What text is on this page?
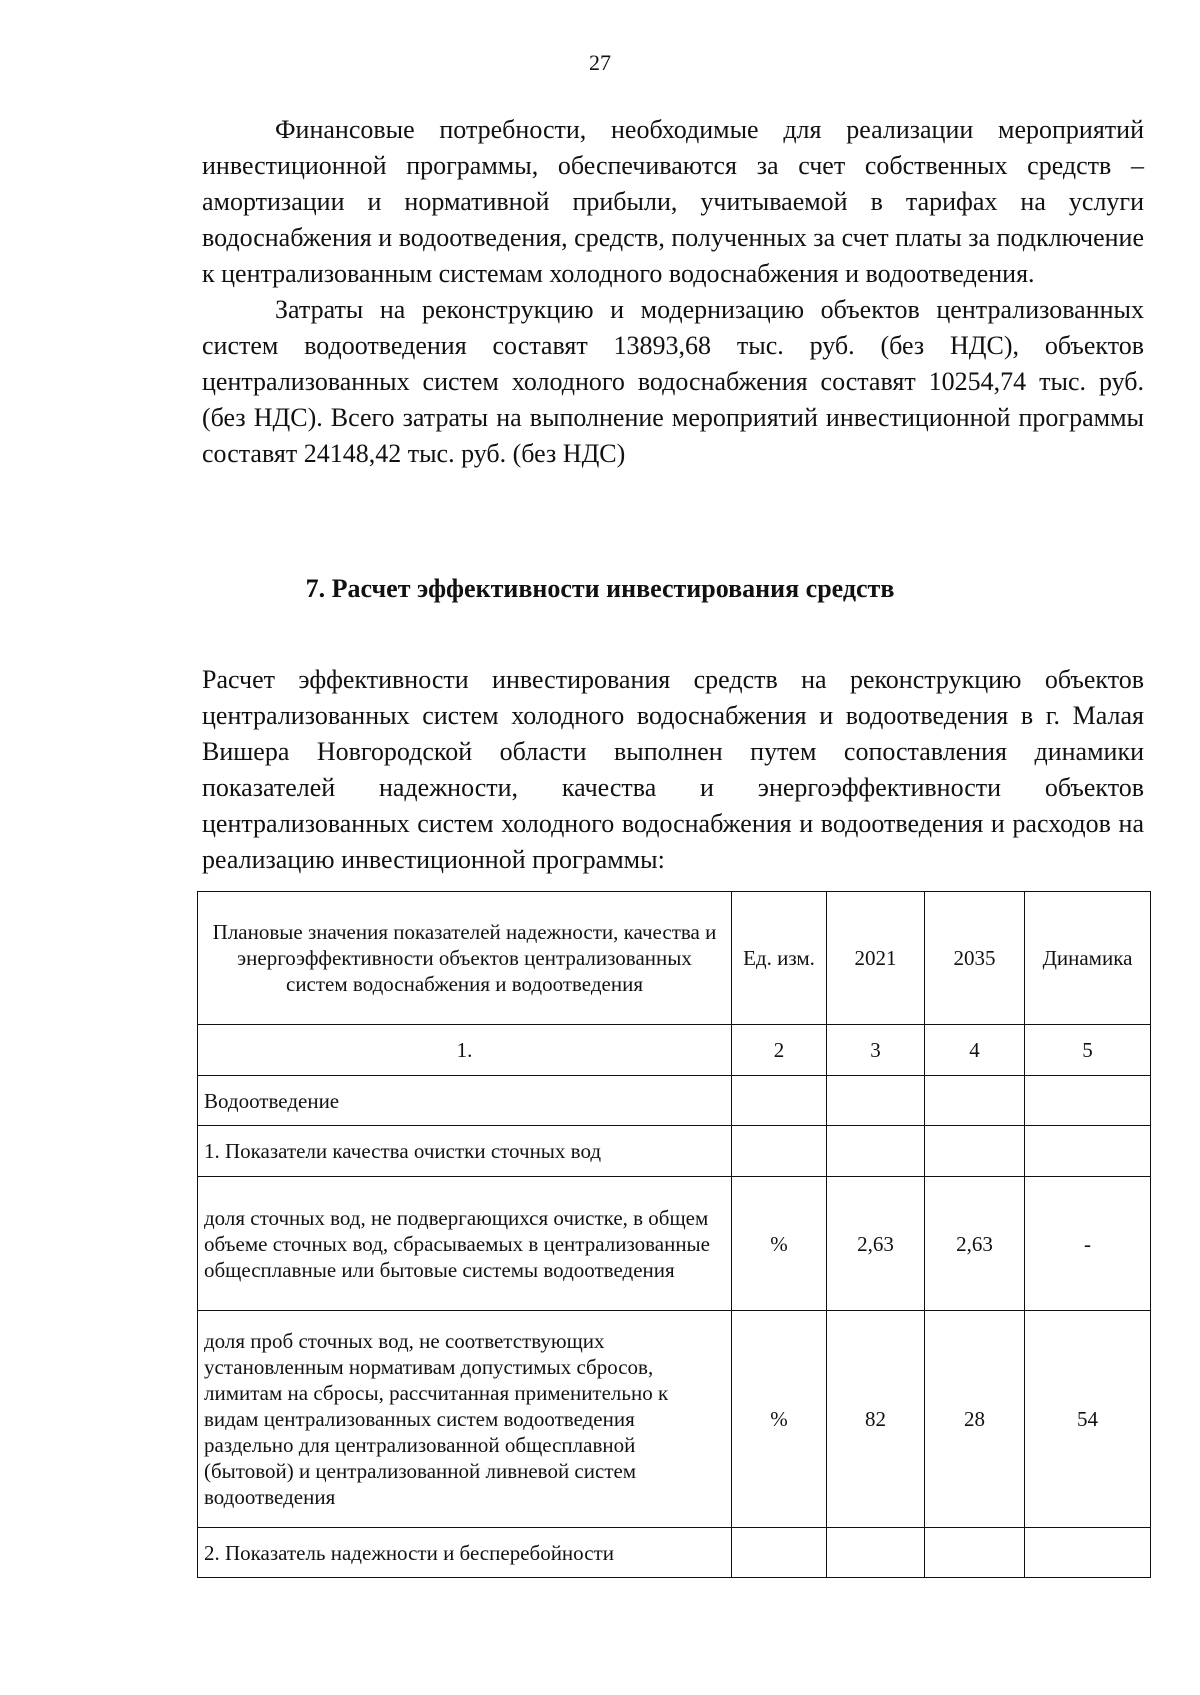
27

Финансовые потребности, необходимые для реализации мероприятий инвестиционной программы, обеспечиваются за счет собственных средств – амортизации и нормативной прибыли, учитываемой в тарифах на услуги водоснабжения и водоотведения, средств, полученных за счет платы за подключение к централизованным системам холодного водоснабжения и водоотведения.

Затраты на реконструкцию и модернизацию объектов централизованных систем водоотведения составят 13893,68 тыс. руб. (без НДС), объектов централизованных систем холодного водоснабжения составят 10254,74 тыс. руб. (без НДС). Всего затраты на выполнение мероприятий инвестиционной программы составят 24148,42 тыс. руб. (без НДС)

7. Расчет эффективности инвестирования средств

Расчет эффективности инвестирования средств на реконструкцию объектов централизованных систем холодного водоснабжения и водоотведения в г. Малая Вишера Новгородской области выполнен путем сопоставления динамики показателей надежности, качества и энергоэффективности объектов централизованных систем холодного водоснабжения и водоотведения и расходов на реализацию инвестиционной программы:

Плановые значения показателей надежности, качества и энергоэффективности объектов централизованных систем водоснабжения и водоотведения	Ед. изм.	2021	2035	Динамика
1.	2	3	4	5
Водоотведение				
1. Показатели качества очистки сточных вод				
доля сточных вод, не подвергающихся очистке, в общем объеме сточных вод, сбрасываемых в централизованные общесплавные или бытовые системы водоотведения	%	2,63	2,63	-
доля проб сточных вод, не соответствующих установленным нормативам допустимых сбросов, лимитам на сбросы, рассчитанная применительно к видам централизованных систем водоотведения раздельно для централизованной общесплавной (бытовой) и централизованной ливневой систем водоотведения	%	82	28	54
2. Показатель надежности и бесперебойности				
